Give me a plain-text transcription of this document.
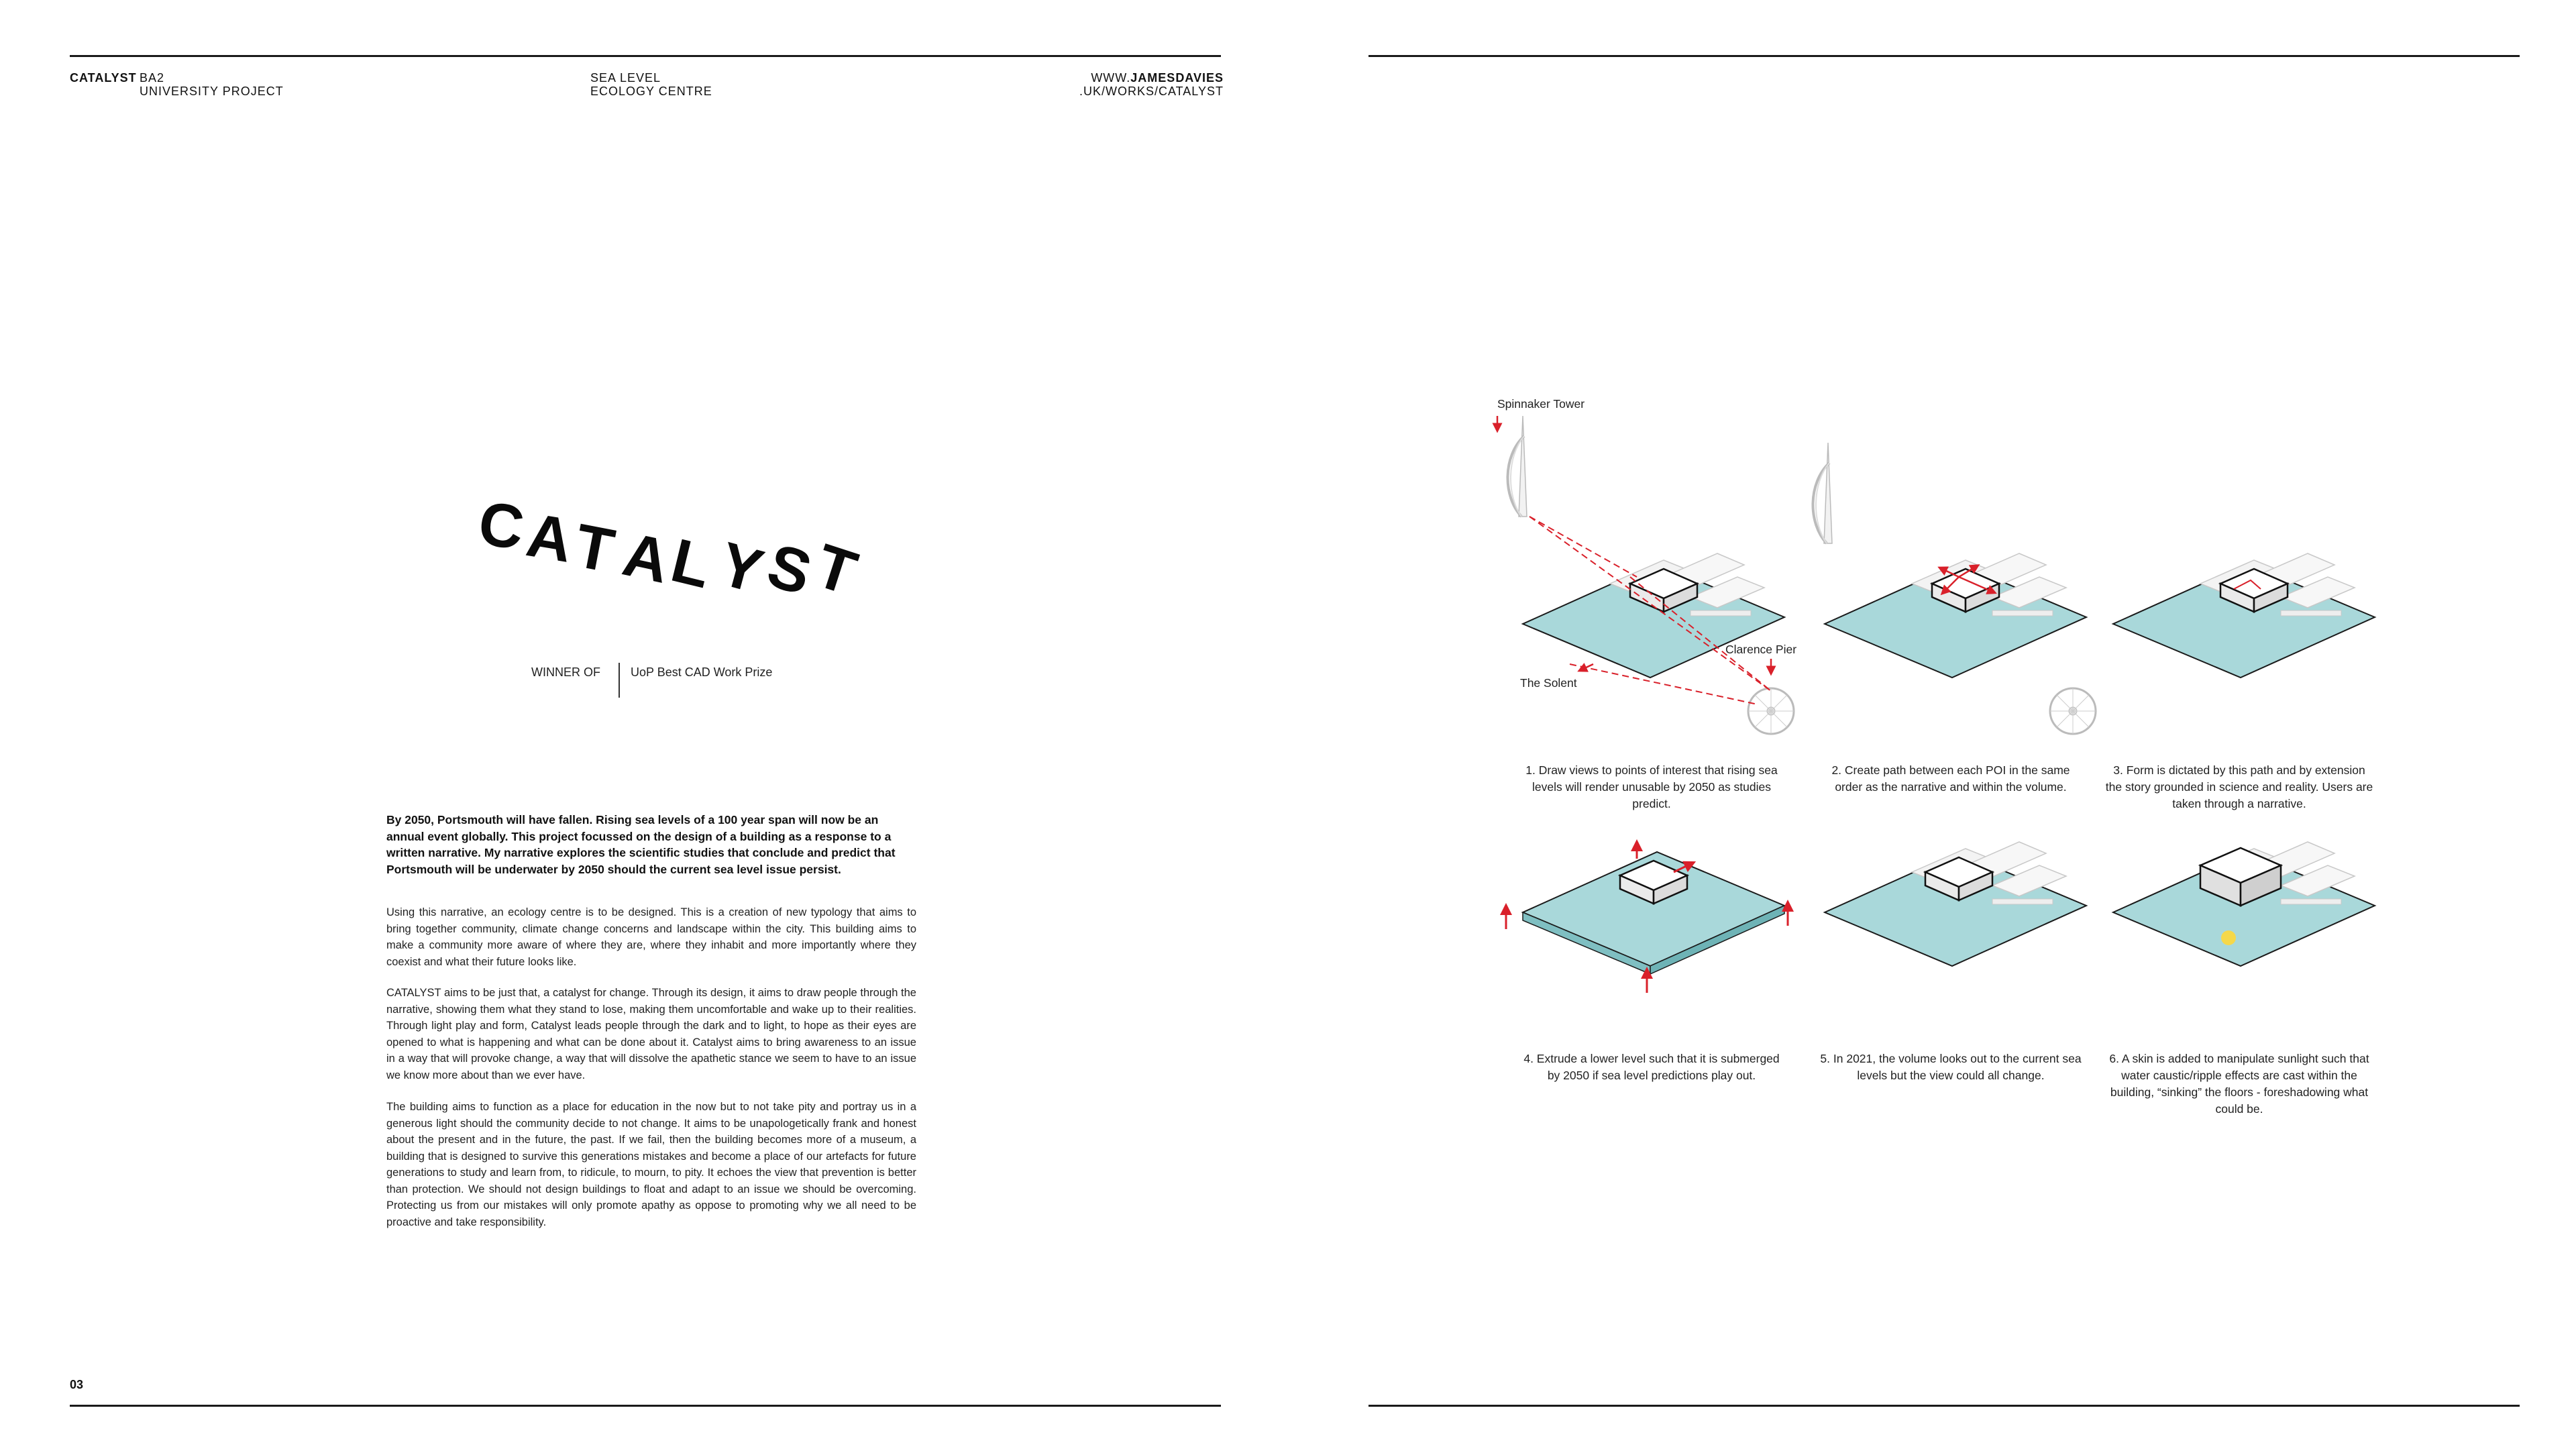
CATALYST BA2
UNIVERSITY PROJECT
SEA LEVEL
ECOLOGY CENTRE
WWW.JAMESDAVIES
.UK/WORKS/CATALYST
C
A
T
A
L
Y
S
T
WINNER OF	UoP Best CAD Work Prize
By 2050, Portsmouth will have fallen. Rising sea levels of a 100 year span will now be an annual event globally. This project focussed on the design of a building as a response to a written narrative. My narrative explores the scientific studies that conclude and predict that Portsmouth will be underwater by 2050 should the current sea level issue persist.
Using this narrative, an ecology centre is to be designed. This is a creation of new typology that aims to bring together community, climate change concerns and landscape within the city. This building aims to make a community more aware of where they are, where they inhabit and more importantly where they coexist and what their future looks like.
CATALYST aims to be just that, a catalyst for change. Through its design, it aims to draw people through the narrative, showing them what they stand to lose, making them uncomfortable and wake up to their realities. Through light play and form, Catalyst leads people through the dark and to light, to hope as their eyes are opened to what is happening and what can be done about it. Catalyst aims to bring awareness to an issue in a way that will provoke change, a way that will dissolve the apathetic stance we seem to have to an issue we know more about than we ever have.
The building aims to function as a place for education in the now but to not take pity and portray us in a generous light should the community decide to not change. It aims to be unapologetically frank and honest about the present and in the future, the past. If we fail, then the building becomes more of a museum, a building that is designed to survive this generations mistakes and become a place of our artefacts for future generations to study and learn from, to ridicule, to mourn, to pity. It echoes the view that prevention is better than protection. We should not design buildings to float and adapt to an issue we should be overcoming. Protecting us from our mistakes will only promote apathy as oppose to promoting why we all need to be proactive and take responsibility.
03
Spinnaker Tower
Clarence Pier
The Solent
1. Draw views to points of interest that rising sea levels will render unusable by 2050 as studies predict.
2. Create path between each POI in the same order as the narrative and within the volume.
3. Form is dictated by this path and by extension the story grounded in science and reality. Users are taken through a narrative.
4. Extrude a lower level such that it is submerged by 2050 if sea level predictions play out.
5. In 2021, the volume looks out to the current sea levels but the view could all change.
6. A skin is added to manipulate sunlight such that water caustic/ripple effects are cast within the building, “sinking” the floors - foreshadowing what could be.
